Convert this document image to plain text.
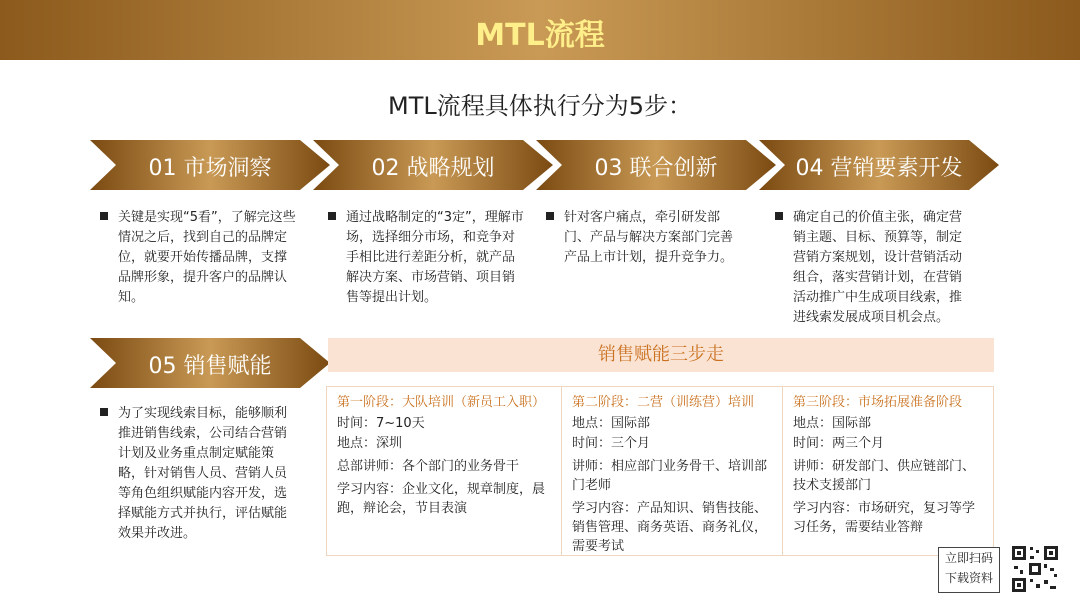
MTL流程
MTL流程具体执行分为5步：
01 市场洞察	02 战略规划	03 联合创新	04 营销要素开发
05 销售赋能
关键是实现“5看”，了解完这些情况之后，找到自己的品牌定位，就要开始传播品牌，支撑品牌形象，提升客户的品牌认知。
通过战略制定的“3定”，理解市场，选择细分市场，和竞争对手相比进行差距分析，就产品解决方案、市场营销、项目销售等提出计划。
针对客户痛点，牵引研发部门、产品与解决方案部门完善产品上市计划，提升竞争力。
确定自己的价值主张，确定营销主题、目标、预算等，制定营销方案规划，设计营销活动组合，落实营销计划，在营销活动推广中生成项目线索，推进线索发展成项目机会点。
为了实现线索目标，能够顺利推进销售线索，公司结合营销计划及业务重点制定赋能策略，针对销售人员、营销人员等角色组织赋能内容开发，选择赋能方式并执行，评估赋能效果并改进。
销售赋能三步走
第一阶段：大队培训（新员工入职）
时间：7~10天
地点：深圳
总部讲师：各个部门的业务骨干
学习内容：企业文化，规章制度，晨跑，辩论会，节目表演
第二阶段：二营（训练营）培训
地点：国际部
时间：三个月
讲师：相应部门业务骨干、培训部门老师
学习内容：产品知识、销售技能、销售管理、商务英语、商务礼仪，需要考试
第三阶段：市场拓展准备阶段
地点：国际部
时间：两三个月
讲师：研发部门、供应链部门、技术支援部门
学习内容：市场研究，复习等学习任务，需要结业答辩
立即扫码
下载资料
